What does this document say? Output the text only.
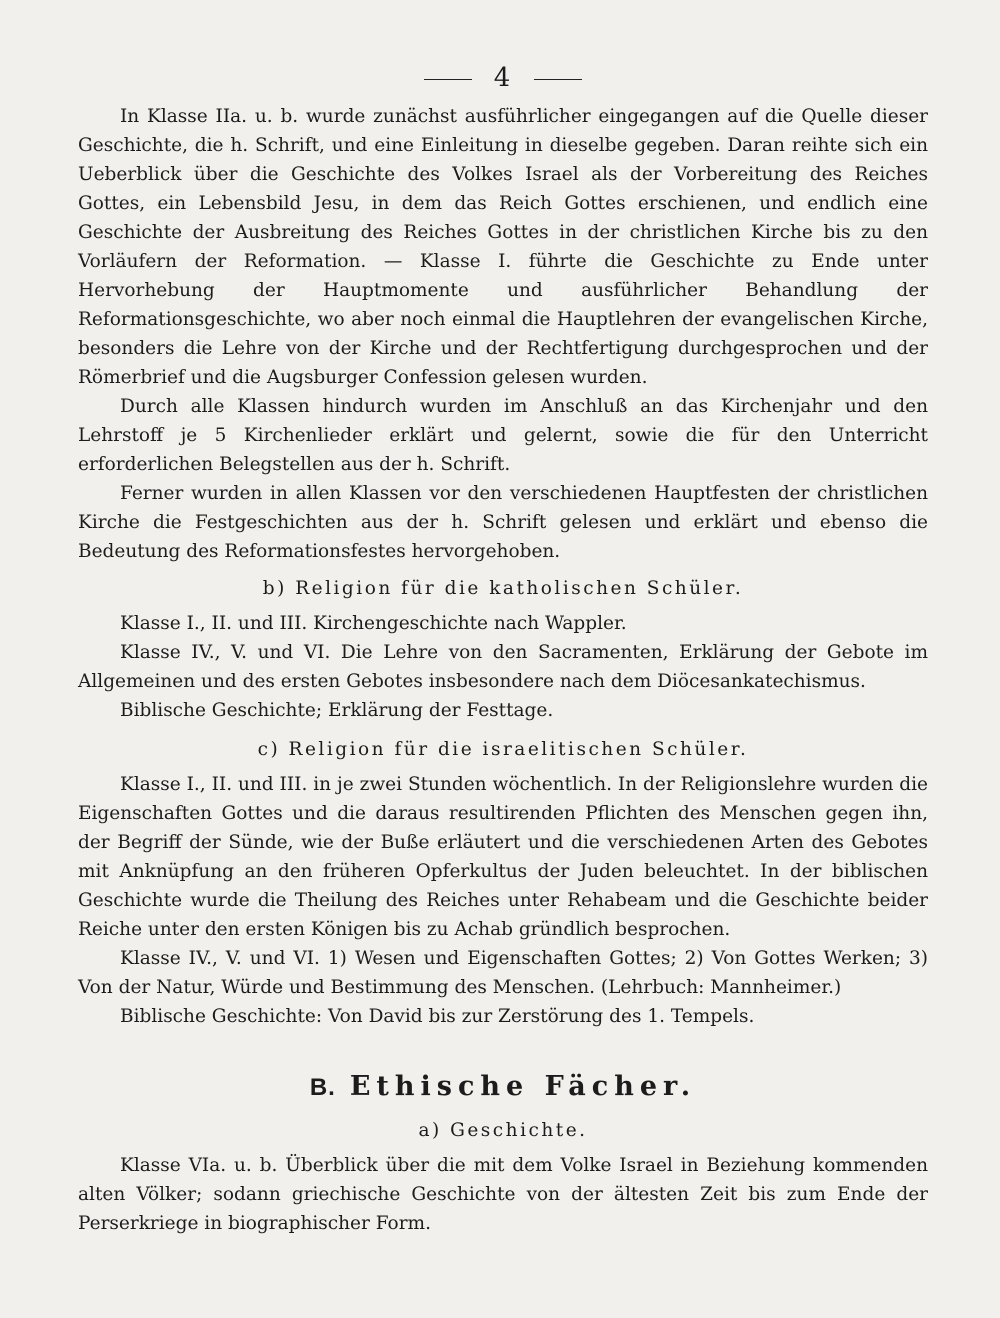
4

In Klasse IIa. u. b. wurde zunächst ausführlicher eingegangen auf die Quelle dieser Geschichte, die h. Schrift, und eine Einleitung in dieselbe gegeben. Daran reihte sich ein Ueberblick über die Geschichte des Volkes Israel als der Vorbereitung des Reiches Gottes, ein Lebensbild Jesu, in dem das Reich Gottes erschienen, und endlich eine Geschichte der Ausbreitung des Reiches Gottes in der christlichen Kirche bis zu den Vorläufern der Reformation. — Klasse I. führte die Geschichte zu Ende unter Hervorhebung der Hauptmomente und ausführlicher Behandlung der Reformationsgeschichte, wo aber noch einmal die Hauptlehren der evangelischen Kirche, besonders die Lehre von der Kirche und der Rechtfertigung durchgesprochen und der Römerbrief und die Augsburger Confession gelesen wurden.

Durch alle Klassen hindurch wurden im Anschluß an das Kirchenjahr und den Lehrstoff je 5 Kirchenlieder erklärt und gelernt, sowie die für den Unterricht erforderlichen Belegstellen aus der h. Schrift.

Ferner wurden in allen Klassen vor den verschiedenen Hauptfesten der christlichen Kirche die Festgeschichten aus der h. Schrift gelesen und erklärt und ebenso die Bedeutung des Reformationsfestes hervorgehoben.

b) Religion für die katholischen Schüler.

Klasse I., II. und III. Kirchengeschichte nach Wappler.

Klasse IV., V. und VI. Die Lehre von den Sacramenten, Erklärung der Gebote im Allgemeinen und des ersten Gebotes insbesondere nach dem Diöcesankatechismus.

Biblische Geschichte; Erklärung der Festtage.

c) Religion für die israelitischen Schüler.

Klasse I., II. und III. in je zwei Stunden wöchentlich. In der Religionslehre wurden die Eigenschaften Gottes und die daraus resultirenden Pflichten des Menschen gegen ihn, der Begriff der Sünde, wie der Buße erläutert und die verschiedenen Arten des Gebotes mit Anknüpfung an den früheren Opferkultus der Juden beleuchtet. In der biblischen Geschichte wurde die Theilung des Reiches unter Rehabeam und die Geschichte beider Reiche unter den ersten Königen bis zu Achab gründlich besprochen.

Klasse IV., V. und VI. 1) Wesen und Eigenschaften Gottes; 2) Von Gottes Werken; 3) Von der Natur, Würde und Bestimmung des Menschen. (Lehrbuch: Mannheimer.)

Biblische Geschichte: Von David bis zur Zerstörung des 1. Tempels.

B. Ethische Fächer.

a) Geschichte.

Klasse VIa. u. b. Überblick über die mit dem Volke Israel in Beziehung kommenden alten Völker; sodann griechische Geschichte von der ältesten Zeit bis zum Ende der Perserkriege in biographischer Form.
